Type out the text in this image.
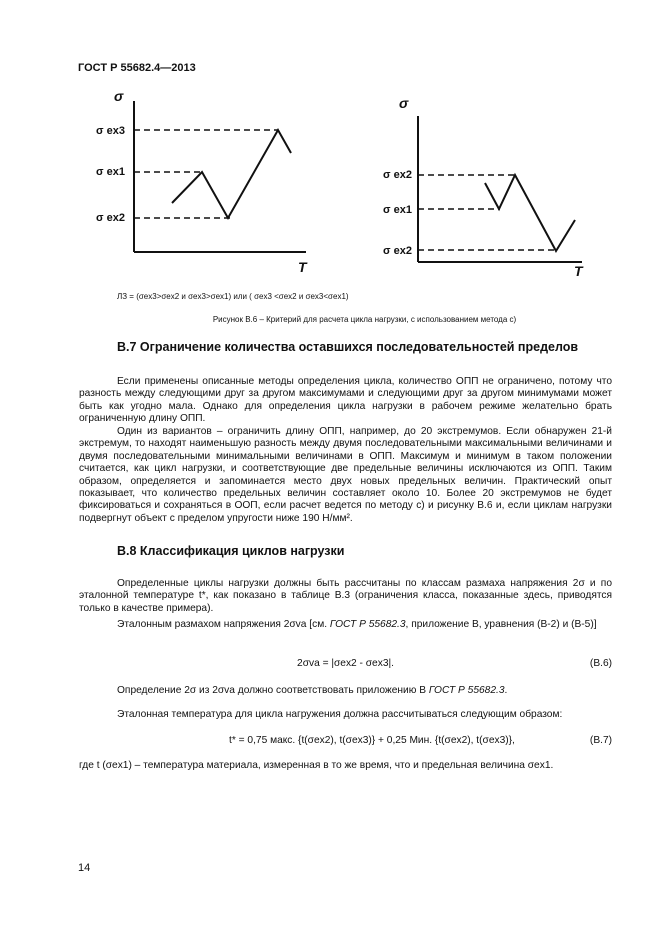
ГОСТ Р 55682.4—2013
σ
T
σ
T
σ ex3
σ ex1
σ ex2
σ ex2
σ ex1
σ ex2
ЛЗ = (σex3>σex2 и σex3>σex1) или ( σex3 <σex2 и σex3<σex1)
Рисунок В.6 – Критерий для расчета цикла нагрузки, с использованием метода с)
В.7 Ограничение количества оставшихся последовательностей пределов
Если применены описанные методы определения цикла, количество ОПП не ограничено, потому что разность между следующими друг за другом максимумами и следующими друг за другом минимумами может быть как угодно мала. Однако для определения цикла нагрузки в рабочем режиме желательно брать ограниченную длину ОПП.
Один из вариантов – ограничить длину ОПП, например, до 20 экстремумов. Если обнаружен 21-й экстремум, то находят наименьшую разность между двумя последовательными максимальными величинами и двумя последовательными минимальными величинами в ОПП. Максимум и минимум в таком положении считается, как цикл нагрузки, и соответствующие две предельные величины исключаются из ОПП. Таким образом, определяется и запоминается место двух новых предельных величин. Практический опыт показывает, что количество предельных величин составляет около 10. Более 20 экстремумов не будет фиксироваться и сохраняться в ООП, если расчет ведется по методу с) и рисунку В.6 и, если циклам нагрузки подвергнут объект с пределом упругости ниже 190 Н/мм².
В.8 Классификация циклов нагрузки
Определенные циклы нагрузки должны быть рассчитаны по классам размаха напряжения 2σ и по эталонной температуре t*, как показано в таблице В.3 (ограничения класса, показанные здесь, приводятся только в качестве примера).
Эталонным размахом напряжения 2σva [см. ГОСТ Р 55682.3, приложение В, уравнения (В-2) и (В-5)]
2σva = |σex2 - σex3|.	(В.6)
Определение 2σ из 2σva должно соответствовать приложению В ГОСТ Р 55682.3.
Эталонная температура для цикла нагружения должна рассчитываться следующим образом:
t* = 0,75 макс. {t(σex2), t(σex3)} + 0,25 Мин. {t(σex2), t(σex3)},	(В.7)
где t (σex1) – температура материала, измеренная в то же время, что и предельная величина σex1.
14
